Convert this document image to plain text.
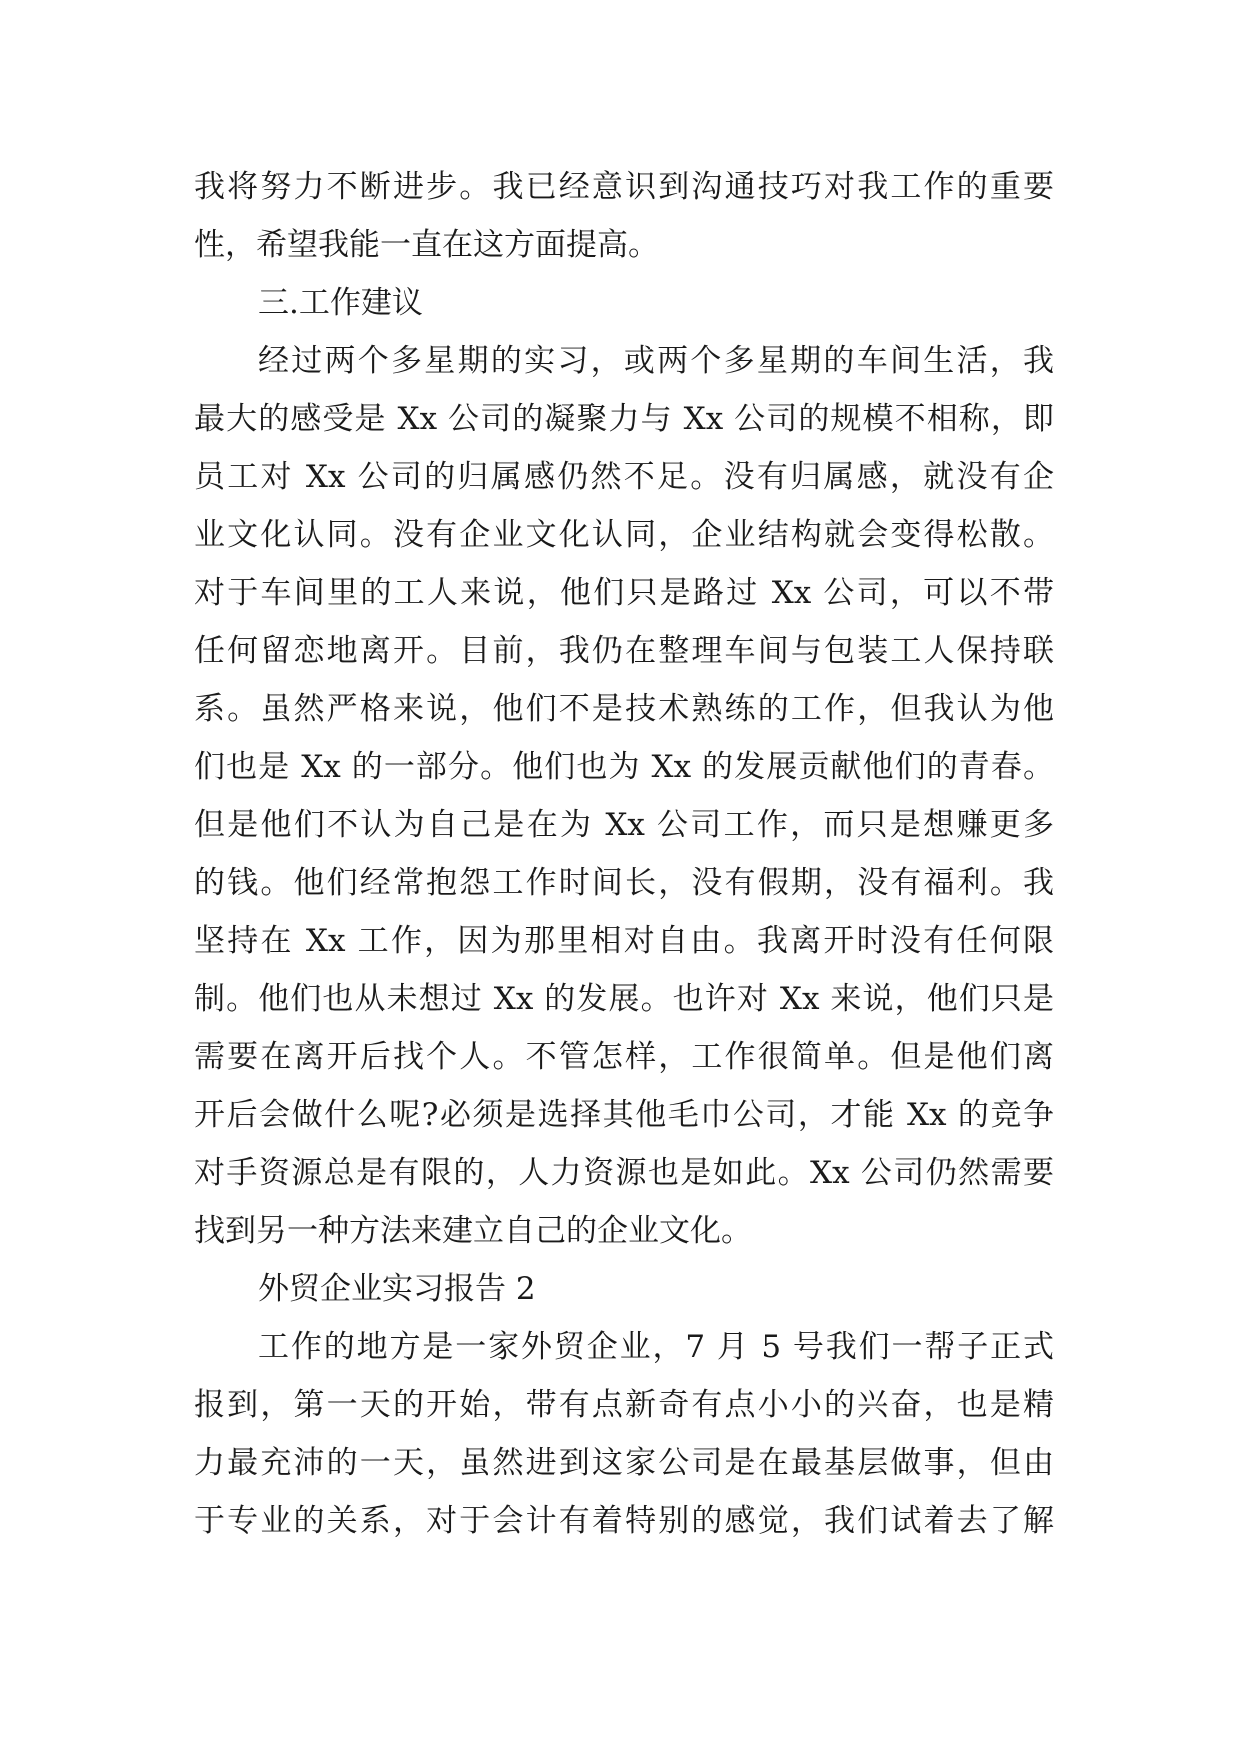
我将努力不断进步。我已经意识到沟通技巧对我工作的重要
性，希望我能一直在这方面提高。
三.工作建议
经过两个多星期的实习，或两个多星期的车间生活，我
最大的感受是 Xx 公司的凝聚力与 Xx 公司的规模不相称，即
员工对 Xx 公司的归属感仍然不足。没有归属感，就没有企
业文化认同。没有企业文化认同，企业结构就会变得松散。
对于车间里的工人来说，他们只是路过 Xx 公司，可以不带
任何留恋地离开。目前，我仍在整理车间与包装工人保持联
系。虽然严格来说，他们不是技术熟练的工作，但我认为他
们也是 Xx 的一部分。他们也为 Xx 的发展贡献他们的青春。
但是他们不认为自己是在为 Xx 公司工作，而只是想赚更多
的钱。他们经常抱怨工作时间长，没有假期，没有福利。我
坚持在 Xx 工作，因为那里相对自由。我离开时没有任何限
制。他们也从未想过 Xx 的发展。也许对 Xx 来说，他们只是
需要在离开后找个人。不管怎样，工作很简单。但是他们离
开后会做什么呢?必须是选择其他毛巾公司，才能 Xx 的竞争
对手资源总是有限的，人力资源也是如此。Xx 公司仍然需要
找到另一种方法来建立自己的企业文化。
外贸企业实习报告 2
工作的地方是一家外贸企业，7 月 5 号我们一帮子正式
报到，第一天的开始，带有点新奇有点小小的兴奋，也是精
力最充沛的一天，虽然进到这家公司是在最基层做事，但由
于专业的关系，对于会计有着特别的感觉，我们试着去了解
